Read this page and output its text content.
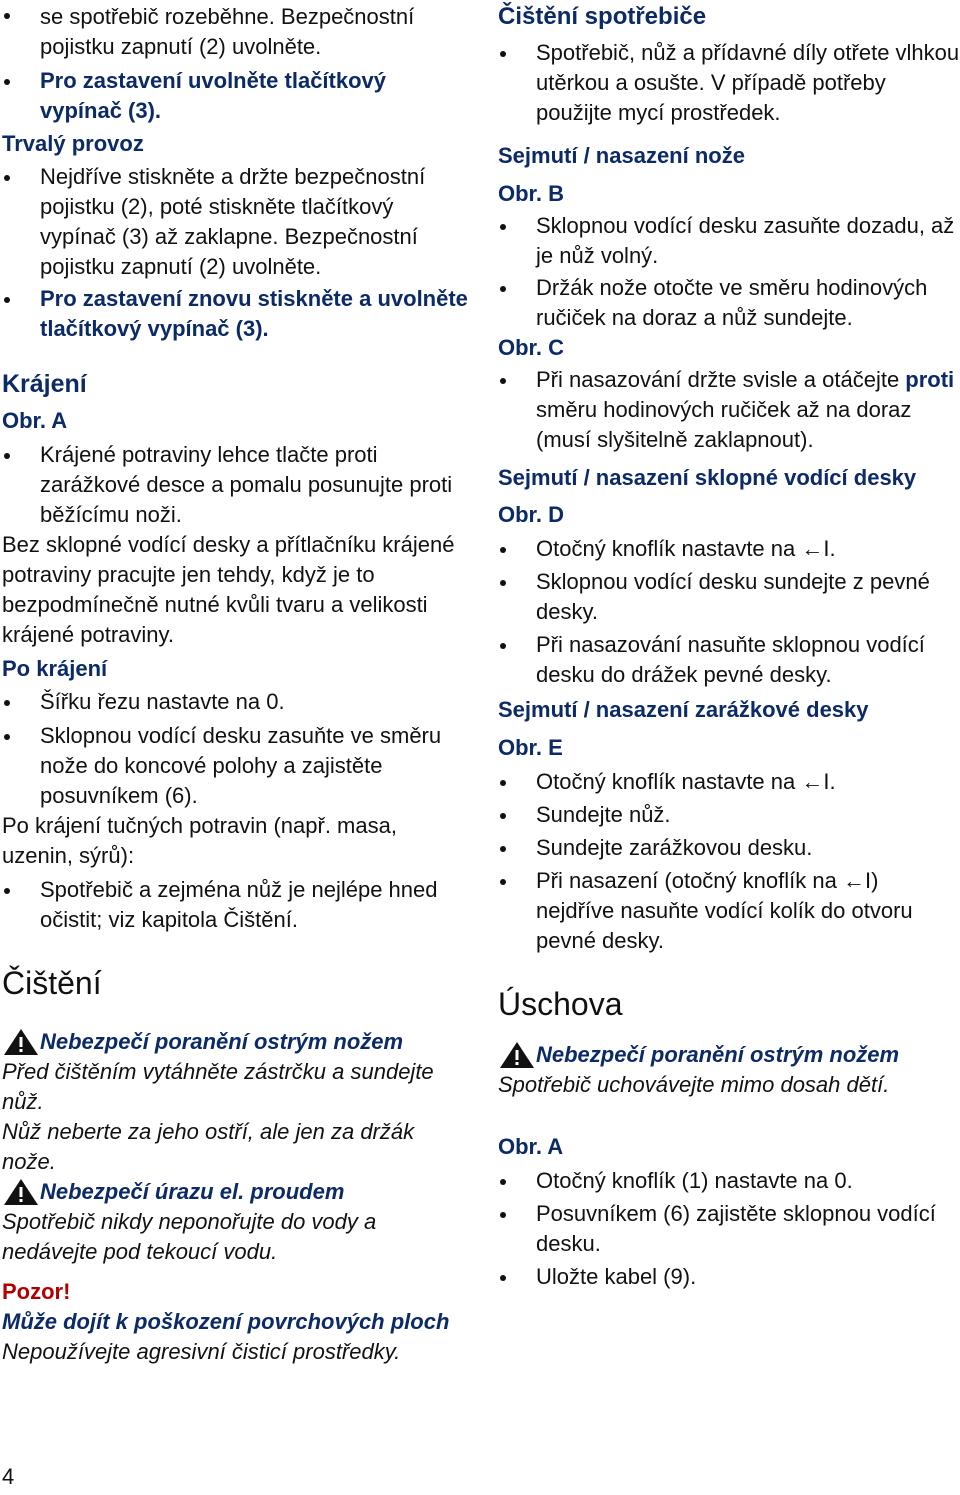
se spotřebič rozeběhne. Bezpečnostní pojistku zapnutí (2) uvolněte.
Pro zastavení uvolněte tlačítkový vypínač (3).

Trvalý provoz

Nejdříve stiskněte a držte bezpečnostní pojistku (2), poté stiskněte tlačítkový vypínač (3) až zaklapne. Bezpečnostní pojistku zapnutí (2) uvolněte.
Pro zastavení znovu stiskněte a uvolněte tlačítkový vypínač (3).
Krájení

Obr. A

Krájené potraviny lehce tlačte proti zarážkové desce a pomalu posunujte proti běžícímu noži.

Bez sklopné vodící desky a přítlačníku krájené potraviny pracujte jen tehdy, když je to bezpodmínečně nutné kvůli tvaru a velikosti krájené potraviny.

Po krájení

Šířku řezu nastavte na 0.
Sklopnou vodící desku zasuňte ve směru nože do koncové polohy a zajistěte posuvníkem (6).

Po krájení tučných potravin (např. masa, uzenin, sýrů):

Spotřebič a zejména nůž je nejlépe hned očistit; viz kapitola Čištění.
Čištění
Nebezpečí poranění ostrým nožem

Před čištěním vytáhněte zástrčku a sundejte nůž.

Nůž neberte za jeho ostří, ale jen za držák nože.

Nebezpečí úrazu el. proudem

Spotřebič nikdy neponořujte do vody a nedávejte pod tekoucí vodu.

Pozor!

Může dojít k poškození povrchových ploch

Nepoužívejte agresivní čisticí prostředky.

4
Čištění spotřebiče
Spotřebič, nůž a přídavné díly otřete vlhkou utěrkou a osušte. V případě potřeby použijte mycí prostředek.

Sejmutí / nasazení nože

Obr. B

Sklopnou vodící desku zasuňte dozadu, až je nůž volný.
Držák nože otočte ve směru hodinových ručiček na doraz a nůž sundejte.

Obr. C

Při nasazování držte svisle a otáčejte proti směru hodinových ručiček až na doraz (musí slyšitelně zaklapnout).

Sejmutí / nasazení sklopné vodící desky

Obr. D

Otočný knoflík nastavte na ←I.
Sklopnou vodící desku sundejte z pevné desky.
Při nasazování nasuňte sklopnou vodící desku do drážek pevné desky.

Sejmutí / nasazení zarážkové desky

Obr. E

Otočný knoflík nastavte na ←I.
Sundejte nůž.
Sundejte zarážkovou desku.
Při nasazení (otočný knoflík na ←I) nejdříve nasuňte vodící kolík do otvoru pevné desky.
Úschova
Nebezpečí poranění ostrým nožem

Spotřebič uchovávejte mimo dosah dětí.

Obr. A

Otočný knoflík (1) nastavte na 0.
Posuvníkem (6) zajistěte sklopnou vodící desku.
Uložte kabel (9).
